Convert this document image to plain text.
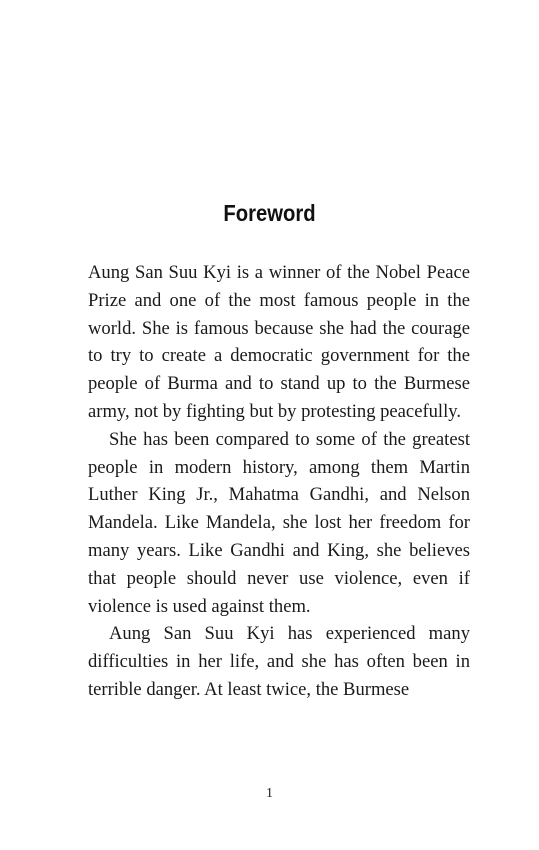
Foreword

Aung San Suu Kyi is a winner of the Nobel Peace Prize and one of the most famous people in the world. She is famous because she had the courage to try to create a democratic government for the people of Burma and to stand up to the Burmese army, not by fighting but by protesting peacefully.

She has been compared to some of the greatest people in modern history, among them Martin Luther King Jr., Mahatma Gandhi, and Nelson Mandela. Like Mandela, she lost her freedom for many years. Like Gandhi and King, she believes that people should never use violence, even if violence is used against them.

Aung San Suu Kyi has experienced many difficulties in her life, and she has often been in terrible danger. At least twice, the Burmese

1
